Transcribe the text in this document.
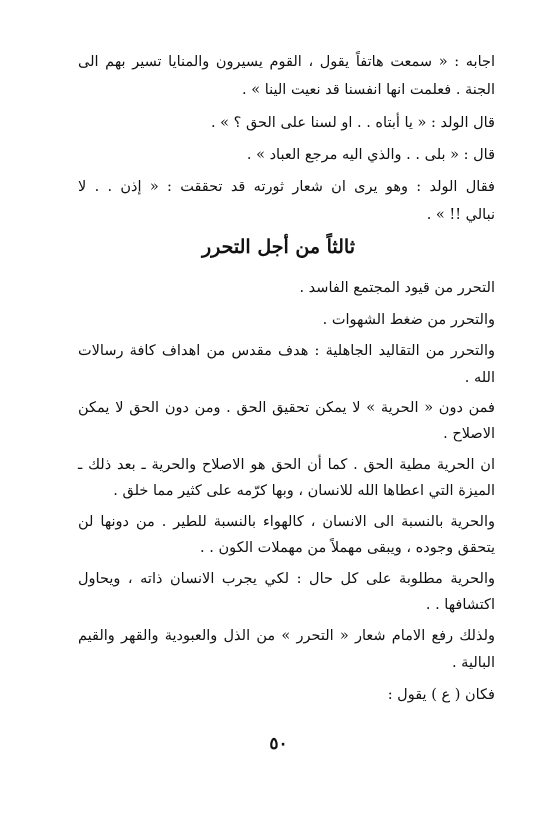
اجابه : « سمعت هاتفاً يقول ، القوم يسيرون والمنايا تسير بهم الى
الجنة . فعلمت انها انفسنا قد نعيت الينا » .
قال الولد : « يا أبتاه . . او لسنا على الحق ؟ » .
قال : « بلى . . والذي اليه مرجع العباد » .
فقال الولد : وهو يرى ان شعار ثورته قد تحققت : « إذن . . لا
نبالي !! » .
ثالثاً من أجل التحرر
التحرر من قيود المجتمع الفاسد .
والتحرر من ضغط الشهوات .
والتحرر من التقاليد الجاهلية : هدف مقدس من اهداف كافة رسالات
الله .
فمن دون « الحرية » لا يمكن تحقيق الحق . ومن دون الحق لا يمكن
الاصلاح .
ان الحرية مطية الحق . كما أن الحق هو الاصلاح والحرية ـ بعد ذلك ـ
الميزة التي اعطاها الله للانسان ، وبها كرّمه على كثير مما خلق .
والحرية بالنسبة الى الانسان ، كالهواء بالنسبة للطير . من دونها لن
يتحقق وجوده ، ويبقى مهملاً من مهملات الكون . .
والحرية مطلوبة على كل حال : لكي يجرب الانسان ذاته ، ويحاول
اكتشافها . .
ولذلك رفع الامام شعار « التحرر » من الذل والعبودية والقهر والقيم
البالية .
فكان ( ع ) يقول :
٥٠
